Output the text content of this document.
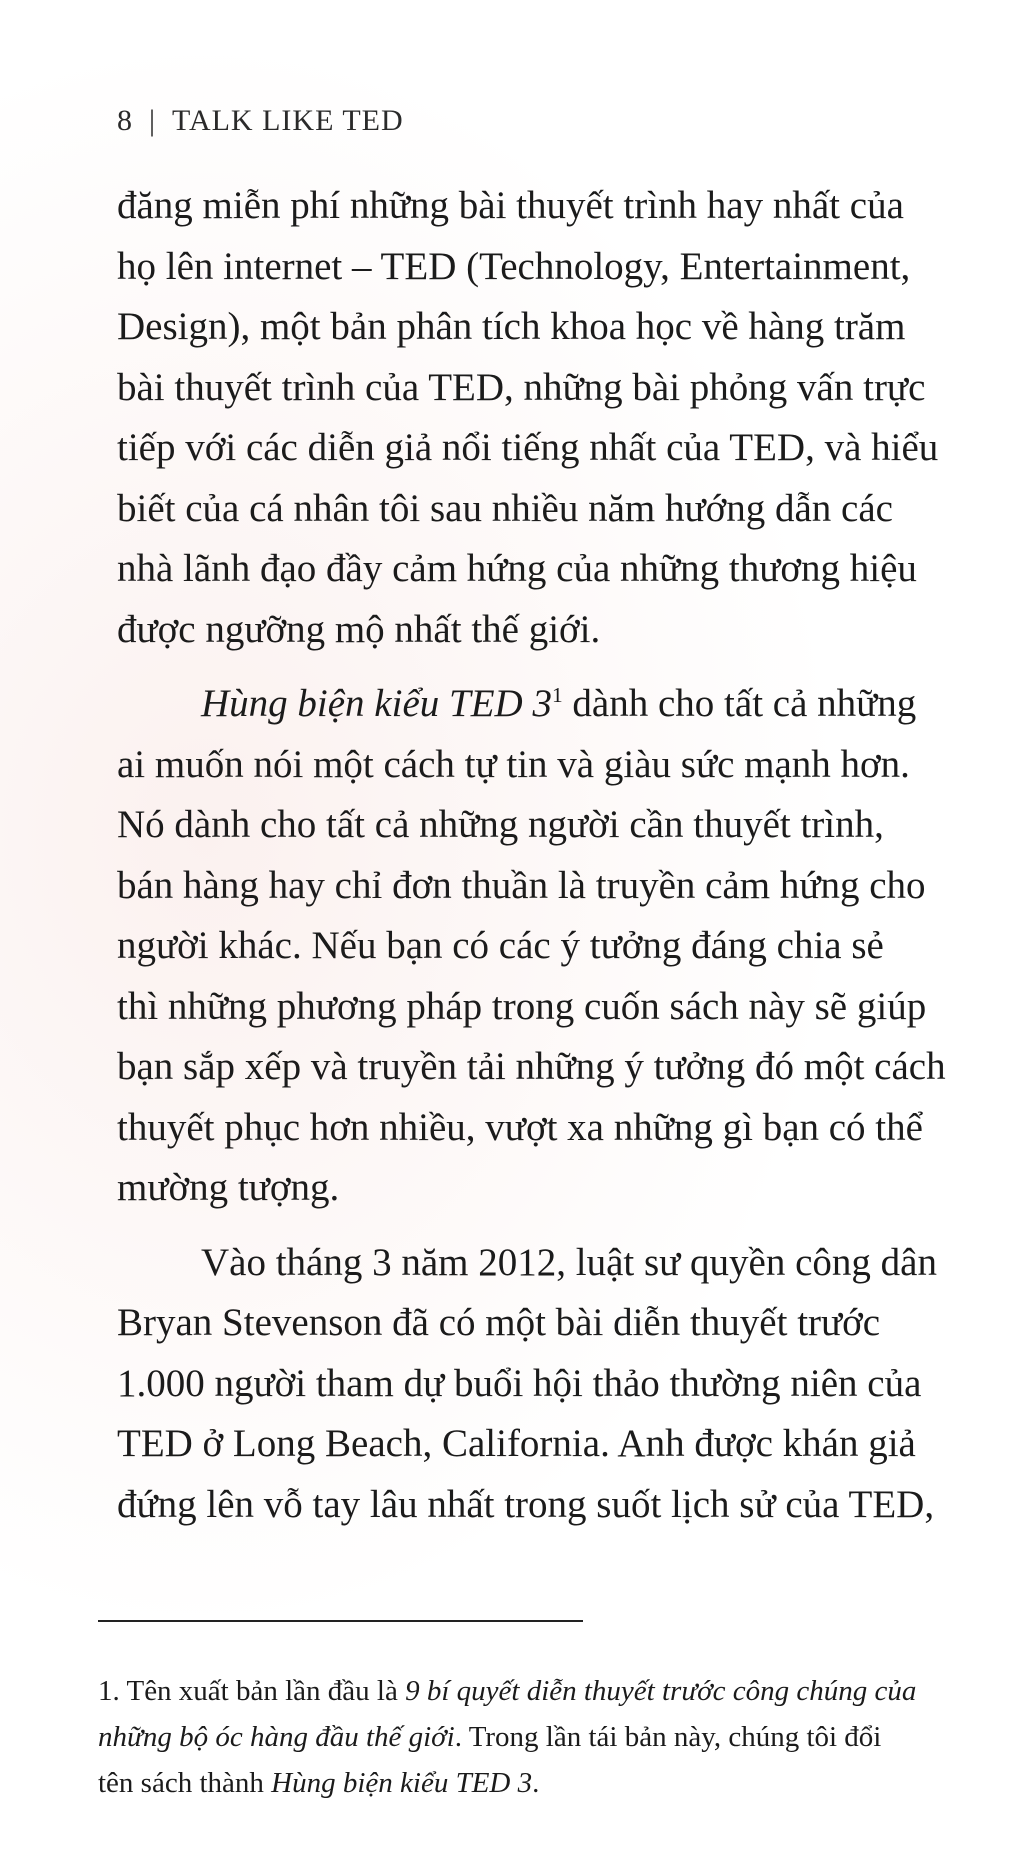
8 | TALK LIKE TED
đăng miễn phí những bài thuyết trình hay nhất của
họ lên internet – TED (Technology, Entertainment,
Design), một bản phân tích khoa học về hàng trăm
bài thuyết trình của TED, những bài phỏng vấn trực
tiếp với các diễn giả nổi tiếng nhất của TED, và hiểu
biết của cá nhân tôi sau nhiều năm hướng dẫn các
nhà lãnh đạo đầy cảm hứng của những thương hiệu
được ngưỡng mộ nhất thế giới.
Hùng biện kiểu TED $3^1$ dành cho tất cả những
ai muốn nói một cách tự tin và giàu sức mạnh hơn.
Nó dành cho tất cả những người cần thuyết trình,
bán hàng hay chỉ đơn thuần là truyền cảm hứng cho
người khác. Nếu bạn có các ý tưởng đáng chia sẻ
thì những phương pháp trong cuốn sách này sẽ giúp
bạn sắp xếp và truyền tải những ý tưởng đó một cách
thuyết phục hơn nhiều, vượt xa những gì bạn có thể
mường tượng.
Vào tháng 3 năm 2012, luật sư quyền công dân
Bryan Stevenson đã có một bài diễn thuyết trước
1.000 người tham dự buổi hội thảo thường niên của
TED ở Long Beach, California. Anh được khán giả
đứng lên vỗ tay lâu nhất trong suốt lịch sử của TED,
1. Tên xuất bản lần đầu là 9 bí quyết diễn thuyết trước công chúng của
những bộ óc hàng đầu thế giới. Trong lần tái bản này, chúng tôi đổi
tên sách thành Hùng biện kiểu TED 3.
